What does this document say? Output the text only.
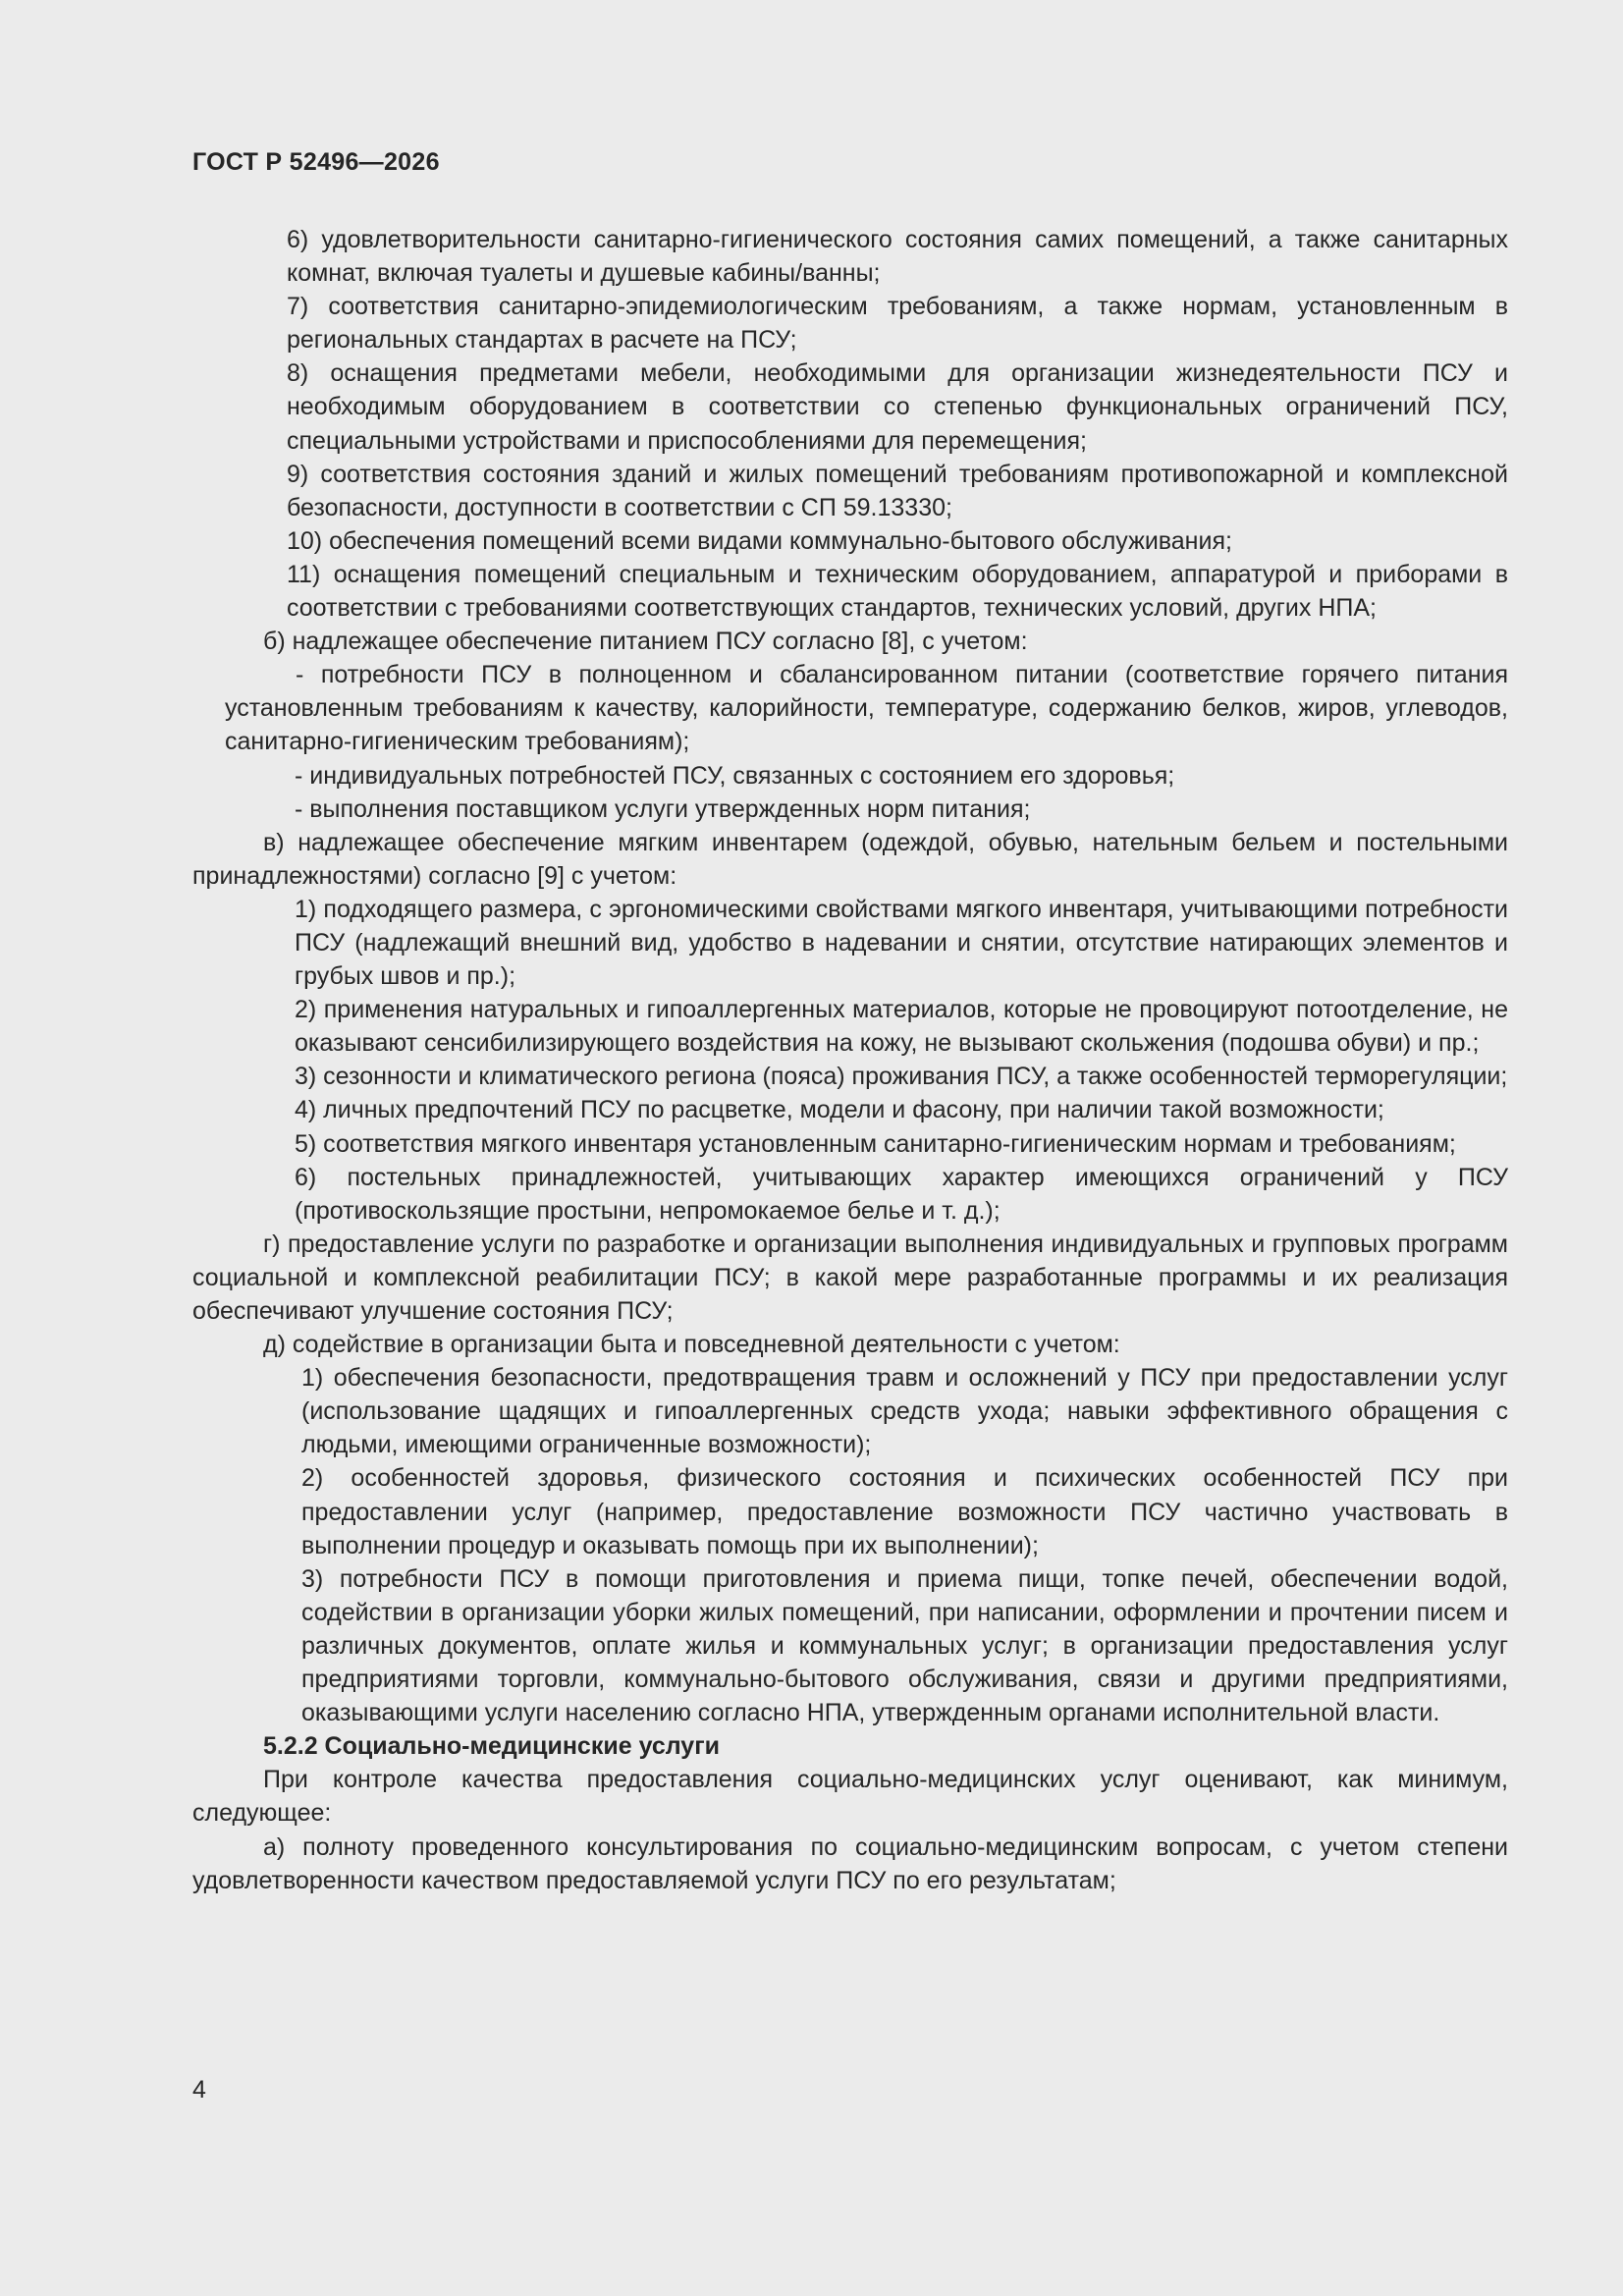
ГОСТ Р 52496—2026

6) удовлетворительности санитарно-гигиенического состояния самих помещений, а также санитарных комнат, включая туалеты и душевые кабины/ванны;

7) соответствия санитарно-эпидемиологическим требованиям, а также нормам, установленным в региональных стандартах в расчете на ПСУ;

8) оснащения предметами мебели, необходимыми для организации жизнедеятельности ПСУ и необходимым оборудованием в соответствии со степенью функциональных ограничений ПСУ, специальными устройствами и приспособлениями для перемещения;

9) соответствия состояния зданий и жилых помещений требованиям противопожарной и комплексной безопасности, доступности в соответствии с СП 59.13330;

10) обеспечения помещений всеми видами коммунально-бытового обслуживания;

11) оснащения помещений специальным и техническим оборудованием, аппаратурой и приборами в соответствии с требованиями соответствующих стандартов, технических условий, других НПА;

б) надлежащее обеспечение питанием ПСУ согласно [8], с учетом:

- потребности ПСУ в полноценном и сбалансированном питании (соответствие горячего питания установленным требованиям к качеству, калорийности, температуре, содержанию белков, жиров, углеводов, санитарно-гигиеническим требованиям);

- индивидуальных потребностей ПСУ, связанных с состоянием его здоровья;

- выполнения поставщиком услуги утвержденных норм питания;

в) надлежащее обеспечение мягким инвентарем (одеждой, обувью, нательным бельем и постельными принадлежностями) согласно [9] с учетом:

1) подходящего размера, с эргономическими свойствами мягкого инвентаря, учитывающими потребности ПСУ (надлежащий внешний вид, удобство в надевании и снятии, отсутствие натирающих элементов и грубых швов и пр.);

2) применения натуральных и гипоаллергенных материалов, которые не провоцируют потоотделение, не оказывают сенсибилизирующего воздействия на кожу, не вызывают скольжения (подошва обуви) и пр.;

3) сезонности и климатического региона (пояса) проживания ПСУ, а также особенностей терморегуляции;

4) личных предпочтений ПСУ по расцветке, модели и фасону, при наличии такой возможности;

5) соответствия мягкого инвентаря установленным санитарно-гигиеническим нормам и требованиям;

6) постельных принадлежностей, учитывающих характер имеющихся ограничений у ПСУ (противоскользящие простыни, непромокаемое белье и т. д.);

г) предоставление услуги по разработке и организации выполнения индивидуальных и групповых программ социальной и комплексной реабилитации ПСУ; в какой мере разработанные программы и их реализация обеспечивают улучшение состояния ПСУ;

д) содействие в организации быта и повседневной деятельности с учетом:

1) обеспечения безопасности, предотвращения травм и осложнений у ПСУ при предоставлении услуг (использование щадящих и гипоаллергенных средств ухода; навыки эффективного обращения с людьми, имеющими ограниченные возможности);

2) особенностей здоровья, физического состояния и психических особенностей ПСУ при предоставлении услуг (например, предоставление возможности ПСУ частично участвовать в выполнении процедур и оказывать помощь при их выполнении);

3) потребности ПСУ в помощи приготовления и приема пищи, топке печей, обеспечении водой, содействии в организации уборки жилых помещений, при написании, оформлении и прочтении писем и различных документов, оплате жилья и коммунальных услуг; в организации предоставления услуг предприятиями торговли, коммунально-бытового обслуживания, связи и другими предприятиями, оказывающими услуги населению согласно НПА, утвержденным органами исполнительной власти.

5.2.2 Социально-медицинские услуги

При контроле качества предоставления социально-медицинских услуг оценивают, как минимум, следующее:

а) полноту проведенного консультирования по социально-медицинским вопросам, с учетом степени удовлетворенности качеством предоставляемой услуги ПСУ по его результатам;

4
